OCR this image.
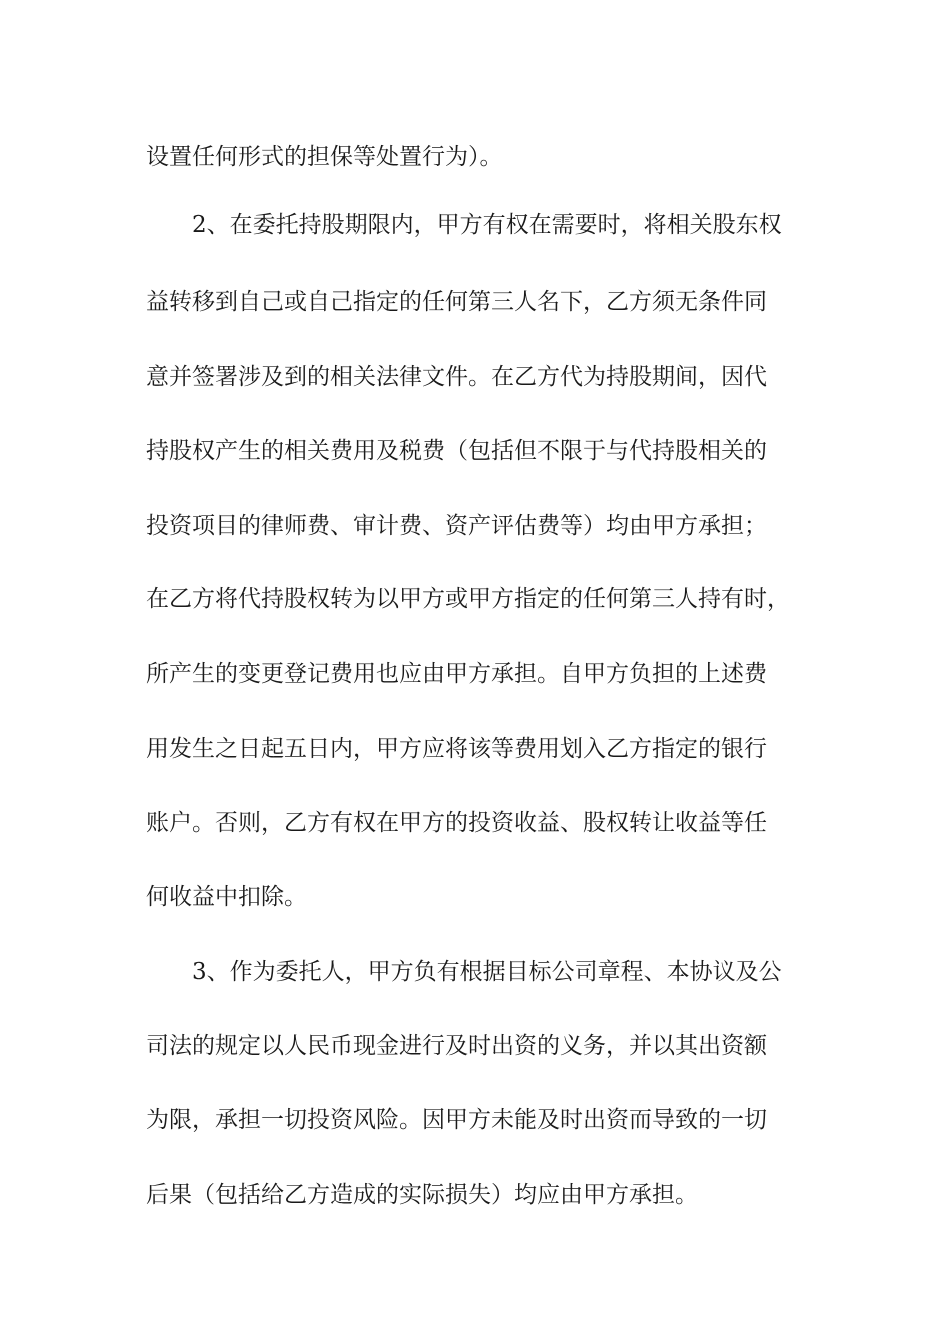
设置任何形式的担保等处置行为）。
2、在委托持股期限内，甲方有权在需要时，将相关股东权
益转移到自己或自己指定的任何第三人名下，乙方须无条件同
意并签署涉及到的相关法律文件。在乙方代为持股期间，因代
持股权产生的相关费用及税费（包括但不限于与代持股相关的
投资项目的律师费、审计费、资产评估费等）均由甲方承担；
在乙方将代持股权转为以甲方或甲方指定的任何第三人持有时，
所产生的变更登记费用也应由甲方承担。自甲方负担的上述费
用发生之日起五日内，甲方应将该等费用划入乙方指定的银行
账户。否则，乙方有权在甲方的投资收益、股权转让收益等任
何收益中扣除。
3、作为委托人，甲方负有根据目标公司章程、本协议及公
司法的规定以人民币现金进行及时出资的义务，并以其出资额
为限，承担一切投资风险。因甲方未能及时出资而导致的一切
后果（包括给乙方造成的实际损失）均应由甲方承担。
